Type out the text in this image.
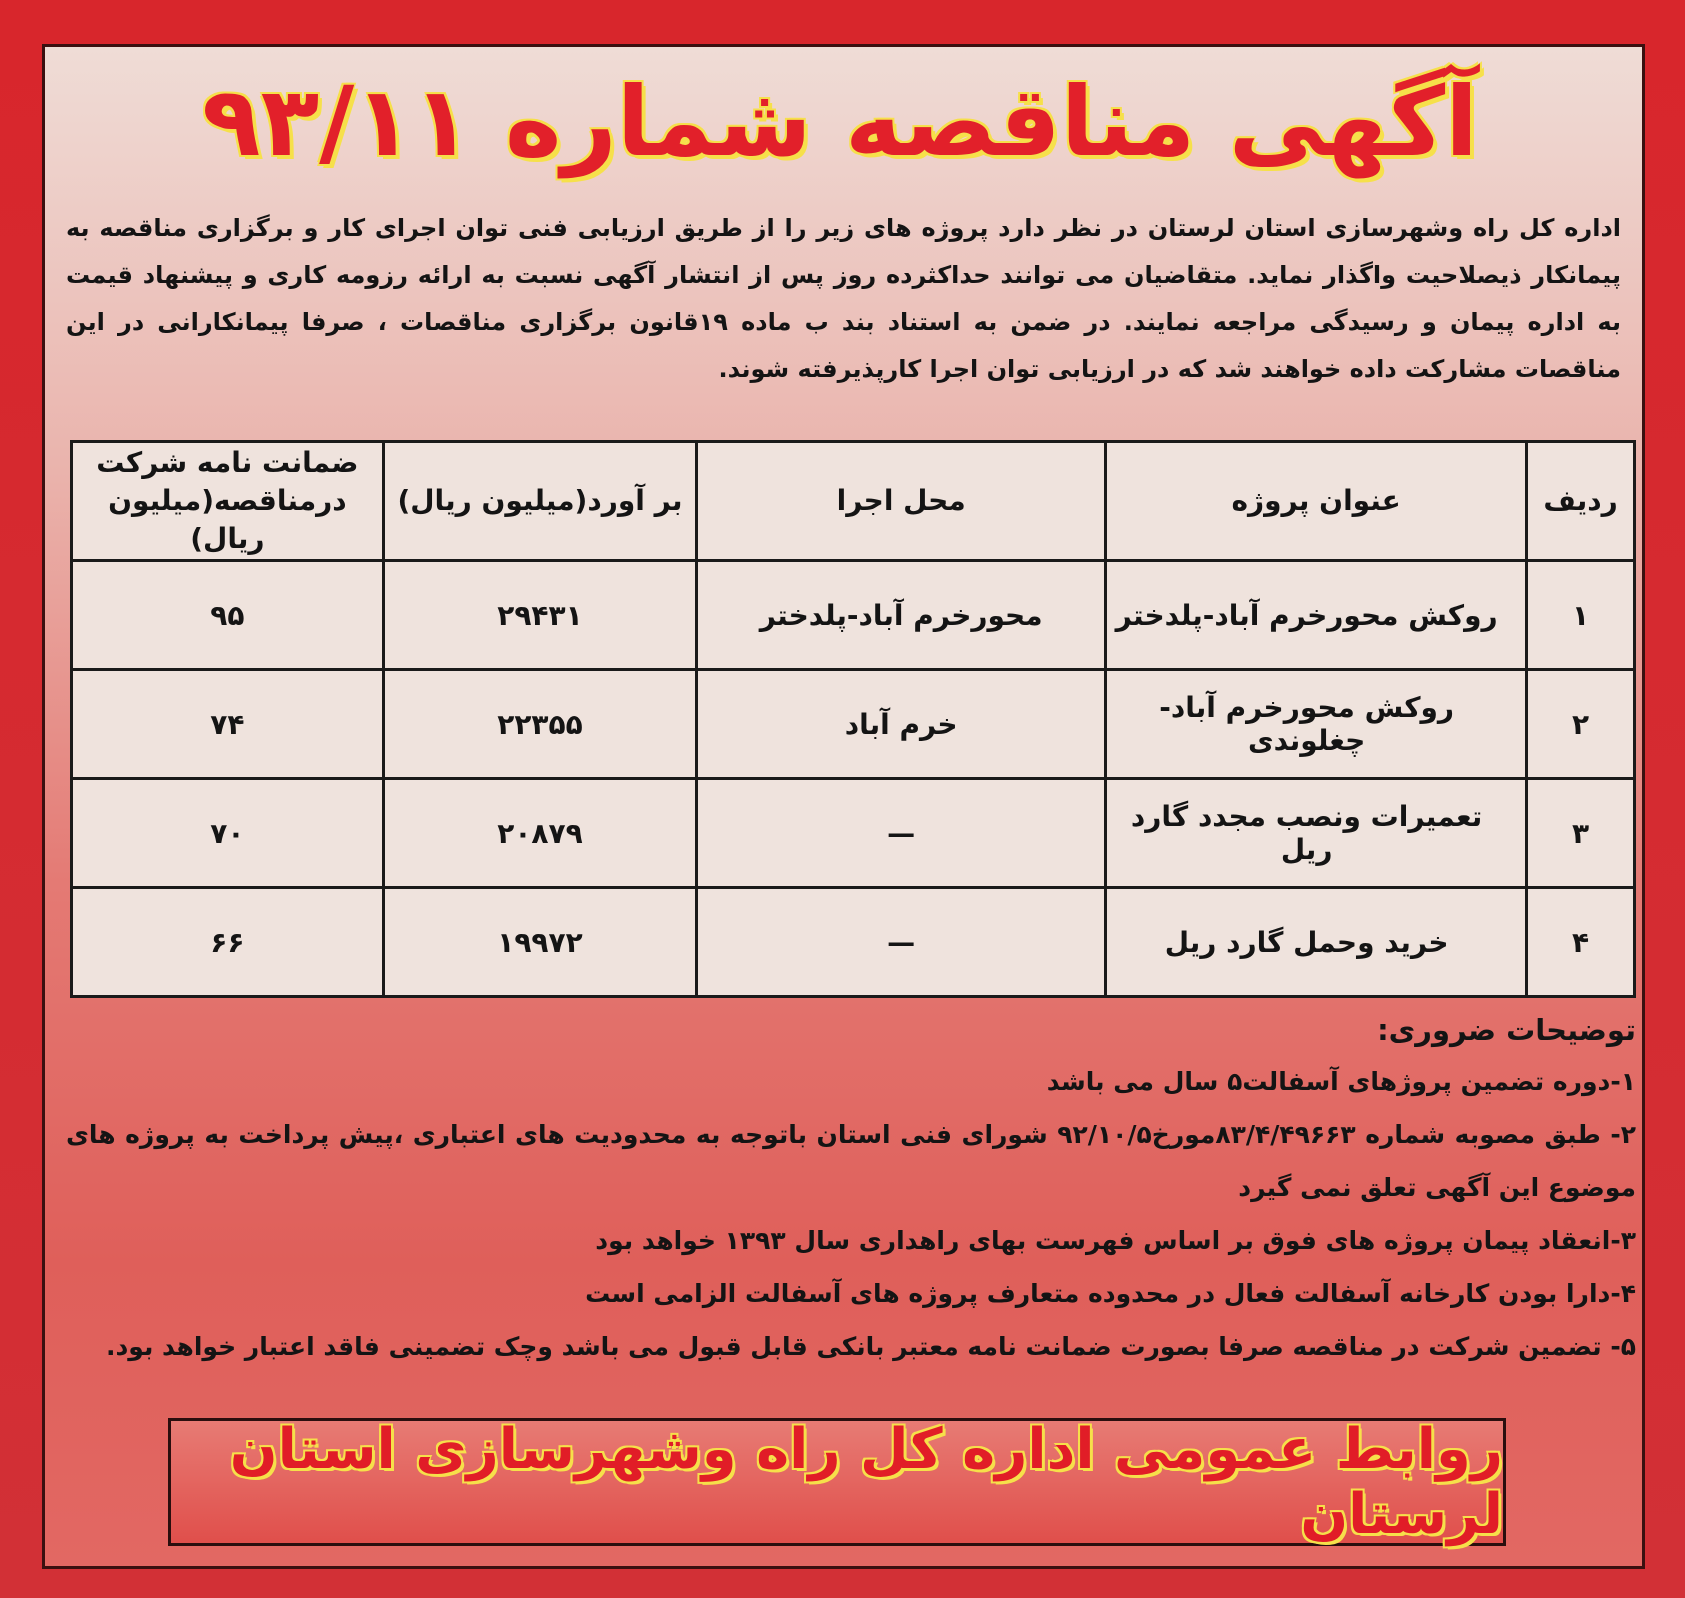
آگهی مناقصه شماره ۹۳/۱۱
اداره کل راه وشهرسازی استان لرستان در نظر دارد پروژه های زیر را از طریق ارزیابی فنی توان اجرای کار و برگزاری مناقصه به پیمانکار ذیصلاحیت واگذار نماید. متقاضیان می توانند حداکثرده روز پس از انتشار آگهی نسبت به ارائه رزومه کاری و پیشنهاد قیمت به اداره پیمان و رسیدگی مراجعه نمایند. در ضمن به استناد بند ب ماده ۱۹قانون برگزاری مناقصات ، صرفا پیمانکارانی در این مناقصات مشارکت داده خواهند شد که در ارزیابی توان اجرا کارپذیرفته شوند.
ردیف	عنوان پروژه	محل اجرا	بر آورد(میلیون ریال)	ضمانت نامه شرکت
درمناقصه(میلیون ریال)

۱	روکش محورخرم آباد-پلدختر	محورخرم آباد-پلدختر	۲۹۴۳۱	۹۵
۲	روکش محورخرم آباد- چغلوندی	خرم آباد	۲۲۳۵۵	۷۴
۳	تعمیرات ونصب مجدد گارد ریل	—	۲۰۸۷۹	۷۰
۴	خرید وحمل گارد ریل	—	۱۹۹۷۲	۶۶
توضیحات ضروری:
۱-دوره تضمین پروژهای آسفالت۵ سال می باشد
۲- طبق مصوبه شماره ۸۳/۴/۴۹۶۶۳مورخ۹۲/۱۰/۵ شورای فنی استان باتوجه به محدودیت های اعتباری ،پیش پرداخت به پروژه های موضوع این آگهی تعلق نمی گیرد
۳-انعقاد پیمان پروژه های فوق بر اساس فهرست بهای راهداری سال ۱۳۹۳ خواهد بود
۴-دارا بودن کارخانه آسفالت فعال در محدوده متعارف پروژه های آسفالت الزامی است
۵- تضمین شرکت در مناقصه صرفا بصورت ضمانت نامه معتبر بانکی قابل قبول می باشد وچک تضمینی فاقد اعتبار خواهد بود.
روابط عمومی اداره کل راه وشهرسازی استان لرستان
